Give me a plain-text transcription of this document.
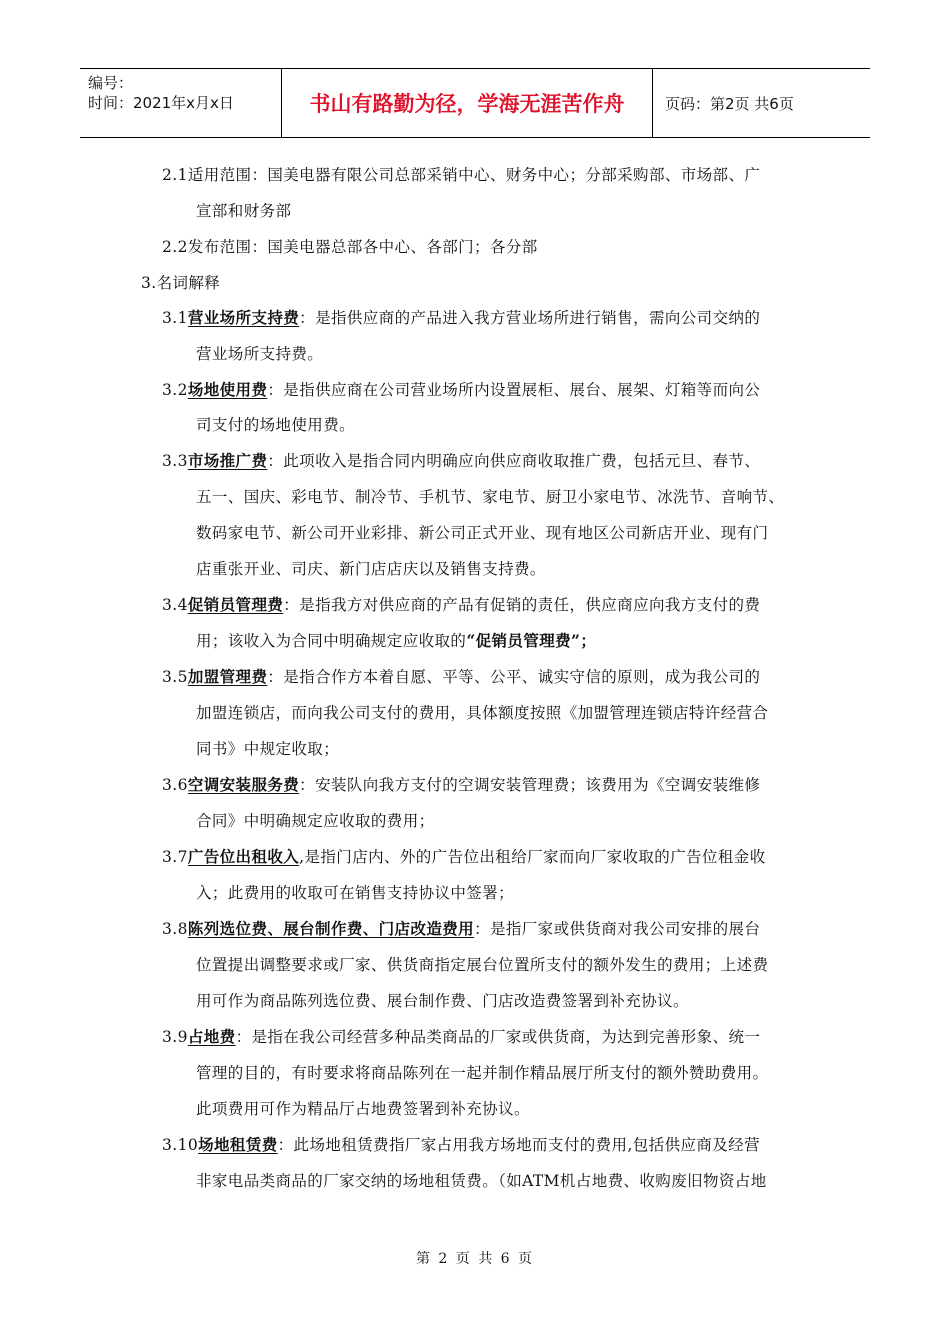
编号：
时间：2021年x月x日	书山有路勤为径，学海无涯苦作舟	页码：第2页 共6页
2.1适用范围：国美电器有限公司总部采销中心、财务中心；分部采购部、市场部、广
宣部和财务部
2.2发布范围：国美电器总部各中心、各部门；各分部
3.名词解释
3.1营业场所支持费：是指供应商的产品进入我方营业场所进行销售，需向公司交纳的
营业场所支持费。
3.2场地使用费：是指供应商在公司营业场所内设置展柜、展台、展架、灯箱等而向公
司支付的场地使用费。
3.3市场推广费：此项收入是指合同内明确应向供应商收取推广费，包括元旦、春节、
五一、国庆、彩电节、制冷节、手机节、家电节、厨卫小家电节、冰洗节、音响节、
数码家电节、新公司开业彩排、新公司正式开业、现有地区公司新店开业、现有门
店重张开业、司庆、新门店店庆以及销售支持费。
3.4促销员管理费：是指我方对供应商的产品有促销的责任，供应商应向我方支付的费
用；该收入为合同中明确规定应收取的“促销员管理费”；
3.5加盟管理费：是指合作方本着自愿、平等、公平、诚实守信的原则，成为我公司的
加盟连锁店，而向我公司支付的费用，具体额度按照《加盟管理连锁店特许经营合
同书》中规定收取；
3.6空调安装服务费：安装队向我方支付的空调安装管理费；该费用为《空调安装维修
合同》中明确规定应收取的费用；
3.7广告位出租收入,是指门店内、外的广告位出租给厂家而向厂家收取的广告位租金收
入；此费用的收取可在销售支持协议中签署；
3.8陈列选位费、展台制作费、门店改造费用：是指厂家或供货商对我公司安排的展台
位置提出调整要求或厂家、供货商指定展台位置所支付的额外发生的费用；上述费
用可作为商品陈列选位费、展台制作费、门店改造费签署到补充协议。
3.9占地费：是指在我公司经营多种品类商品的厂家或供货商，为达到完善形象、统一
管理的目的，有时要求将商品陈列在一起并制作精品展厅所支付的额外赞助费用。
此项费用可作为精品厅占地费签署到补充协议。
3.10场地租赁费：此场地租赁费指厂家占用我方场地而支付的费用,包括供应商及经营
非家电品类商品的厂家交纳的场地租赁费。（如ATM机占地费、收购废旧物资占地
第 2 页 共 6 页
